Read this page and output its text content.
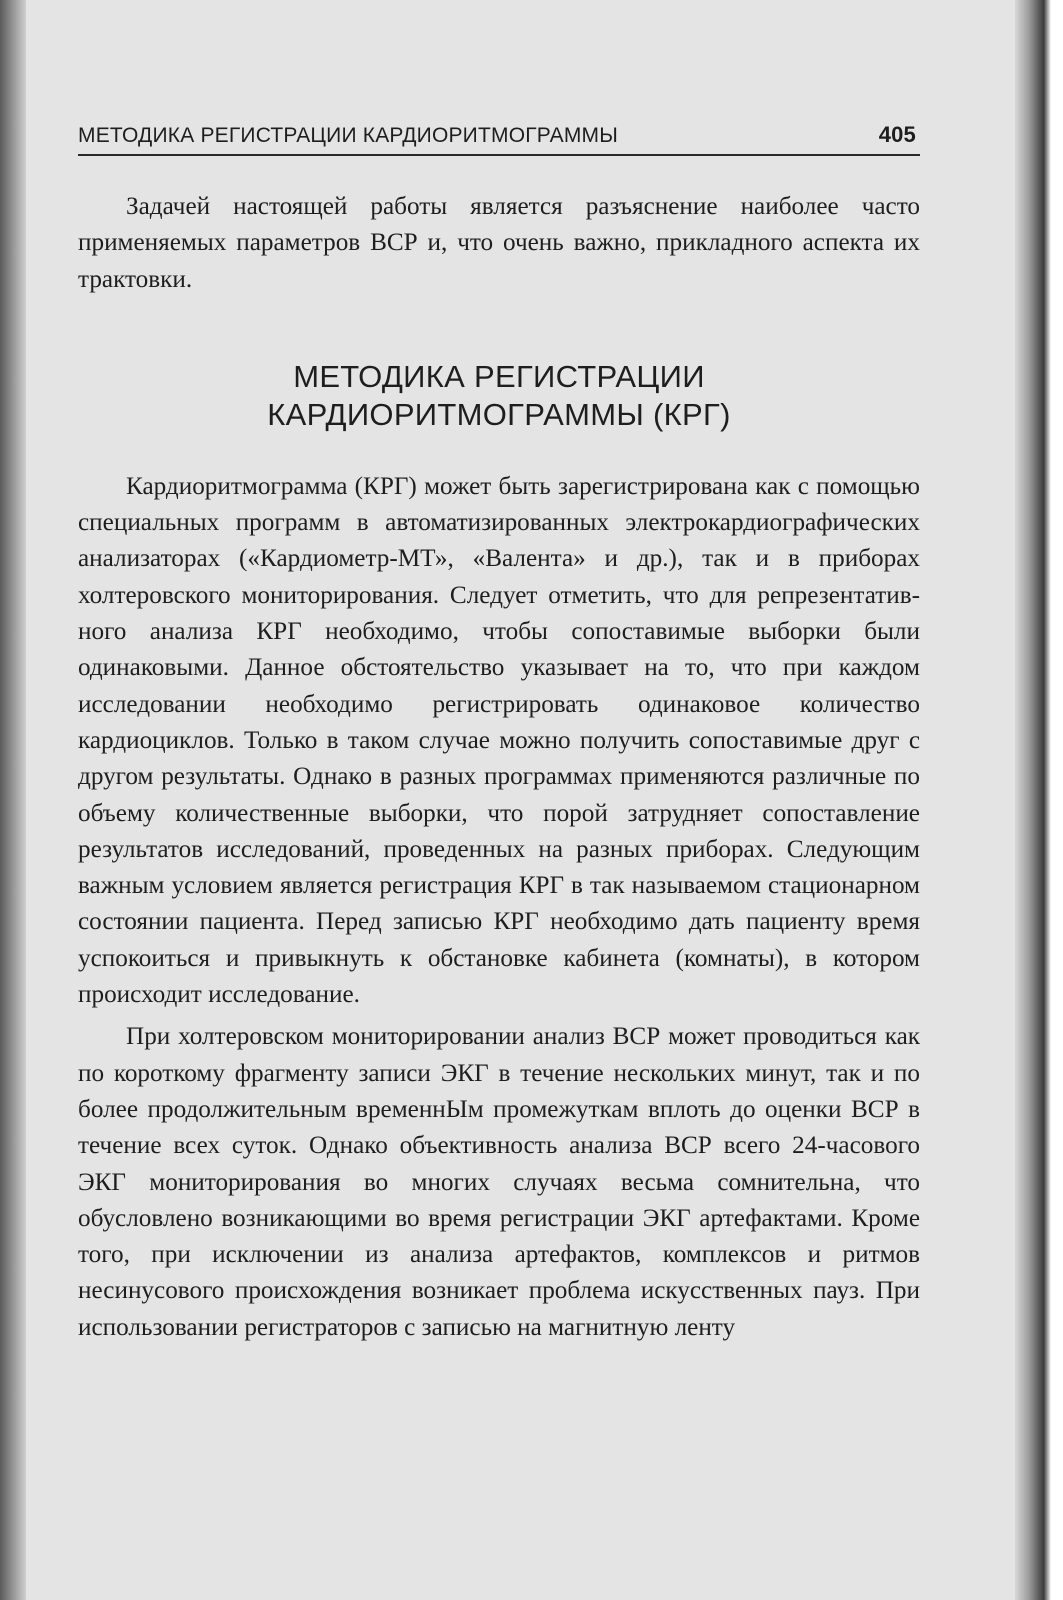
МЕТОДИКА РЕГИСТРАЦИИ КАРДИОРИТМОГРАММЫ	405

Задачей настоящей работы является разъяснение наиболее часто применяемых параметров ВСР и, что очень важно, прикладного аспекта их трактовки.

МЕТОДИКА РЕГИСТРАЦИИ
КАРДИОРИТМОГРАММЫ (КРГ)

Кардиоритмограмма (КРГ) может быть зарегистрирована как с помощью специальных программ в автоматизированных электрокардиографических анализаторах («Кардиометр-МТ», «Валента» и др.), так и в приборах холтеровского мониторирования. Следует отметить, что для репрезентативного анализа КРГ необходимо, чтобы сопоставимые выборки были одинаковыми. Данное обстоятельство указывает на то, что при каждом исследовании необходимо регистрировать одинаковое количество кардиоциклов. Только в таком случае можно получить сопоставимые друг с другом результаты. Однако в разных программах применяются различные по объему количественные выборки, что порой затрудняет сопоставление результатов исследований, проведенных на разных приборах. Следующим важным условием является регистрация КРГ в так называемом стационарном состоянии пациента. Перед записью КРГ необходимо дать пациенту время успокоиться и привыкнуть к обстановке кабинета (комнаты), в котором происходит исследование.

При холтеровском мониторировании анализ ВСР может проводиться как по короткому фрагменту записи ЭКГ в течение нескольких минут, так и по более продолжительным временнЫм промежуткам вплоть до оценки ВСР в течение всех суток. Однако объективность анализа ВСР всего 24-часового ЭКГ мониторирования во многих случаях весьма сомнительна, что обусловлено возникающими во время регистрации ЭКГ артефактами. Кроме того, при исключении из анализа артефактов, комплексов и ритмов несинусового происхождения возникает проблема искусственных пауз. При использовании регистраторов с записью на магнитную ленту
